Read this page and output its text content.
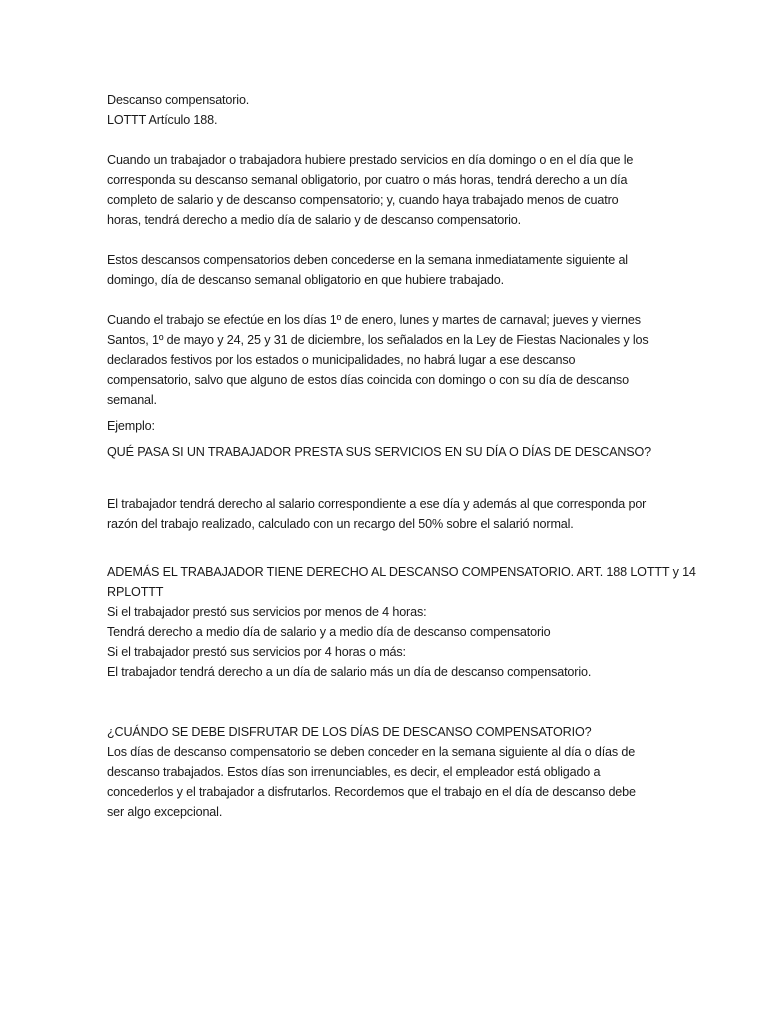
Descanso compensatorio.
LOTTT Artículo 188.
Cuando un trabajador o trabajadora hubiere prestado servicios en día domingo o en el día que le
corresponda su descanso semanal obligatorio, por cuatro o más horas, tendrá derecho a un día
completo de salario y de descanso compensatorio; y, cuando haya trabajado menos de cuatro
horas, tendrá derecho a medio día de salario y de descanso compensatorio.
Estos descansos compensatorios deben concederse en la semana inmediatamente siguiente al
domingo, día de descanso semanal obligatorio en que hubiere trabajado.
Cuando el trabajo se efectúe en los días 1º de enero, lunes y martes de carnaval; jueves y viernes
Santos, 1º de mayo y 24, 25 y 31 de diciembre, los señalados en la Ley de Fiestas Nacionales y los
declarados festivos por los estados o municipalidades, no habrá lugar a ese descanso
compensatorio, salvo que alguno de estos días coincida con domingo o con su día de descanso
semanal.
Ejemplo:
QUÉ PASA SI UN TRABAJADOR PRESTA SUS SERVICIOS EN SU DÍA O DÍAS DE DESCANSO?
El trabajador tendrá derecho al salario correspondiente a ese día y además al que corresponda por
razón del trabajo realizado, calculado con un recargo del 50% sobre el salarió normal.
ADEMÁS EL TRABAJADOR TIENE DERECHO AL DESCANSO COMPENSATORIO. ART. 188 LOTTT y 14
RPLOTTT
Si el trabajador prestó sus servicios por menos de 4 horas:
Tendrá derecho a medio día de salario y a medio día de descanso compensatorio
Si el trabajador prestó sus servicios por 4 horas o más:
El trabajador tendrá derecho a un día de salario más un día de descanso compensatorio.
¿CUÁNDO SE DEBE DISFRUTAR DE LOS DÍAS DE DESCANSO COMPENSATORIO?
Los días de descanso compensatorio se deben conceder en la semana siguiente al día o días de
descanso trabajados. Estos días son irrenunciables, es decir, el empleador está obligado a
concederlos y el trabajador a disfrutarlos. Recordemos que el trabajo en el día de descanso debe
ser algo excepcional.
